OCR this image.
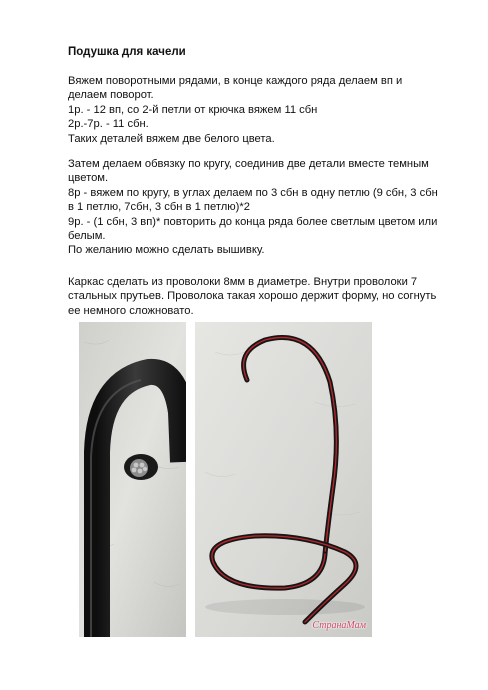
Подушка для качели
Вяжем поворотными рядами, в конце каждого ряда делаем вп и
делаем поворот.
1р. - 12 вп, со 2-й петли от крючка вяжем 11 сбн
2р.-7р. - 11 сбн.
Таких деталей вяжем две белого цвета.
Затем делаем обвязку по кругу, соединив две детали вместе темным
цветом.
8р - вяжем по кругу, в углах делаем по 3 сбн в одну петлю (9 сбн, 3 сбн
в 1 петлю, 7сбн, 3 сбн в 1 петлю)*2
9р. - (1 сбн, 3 вп)* повторить до конца ряда более светлым цветом или
белым.
По желанию можно сделать вышивку.
Каркас сделать из проволоки 8мм в диаметре. Внутри проволоки 7
стальных прутьев. Проволока такая хорошо держит форму, но согнуть
ее немного сложновато.
СтранаМам
